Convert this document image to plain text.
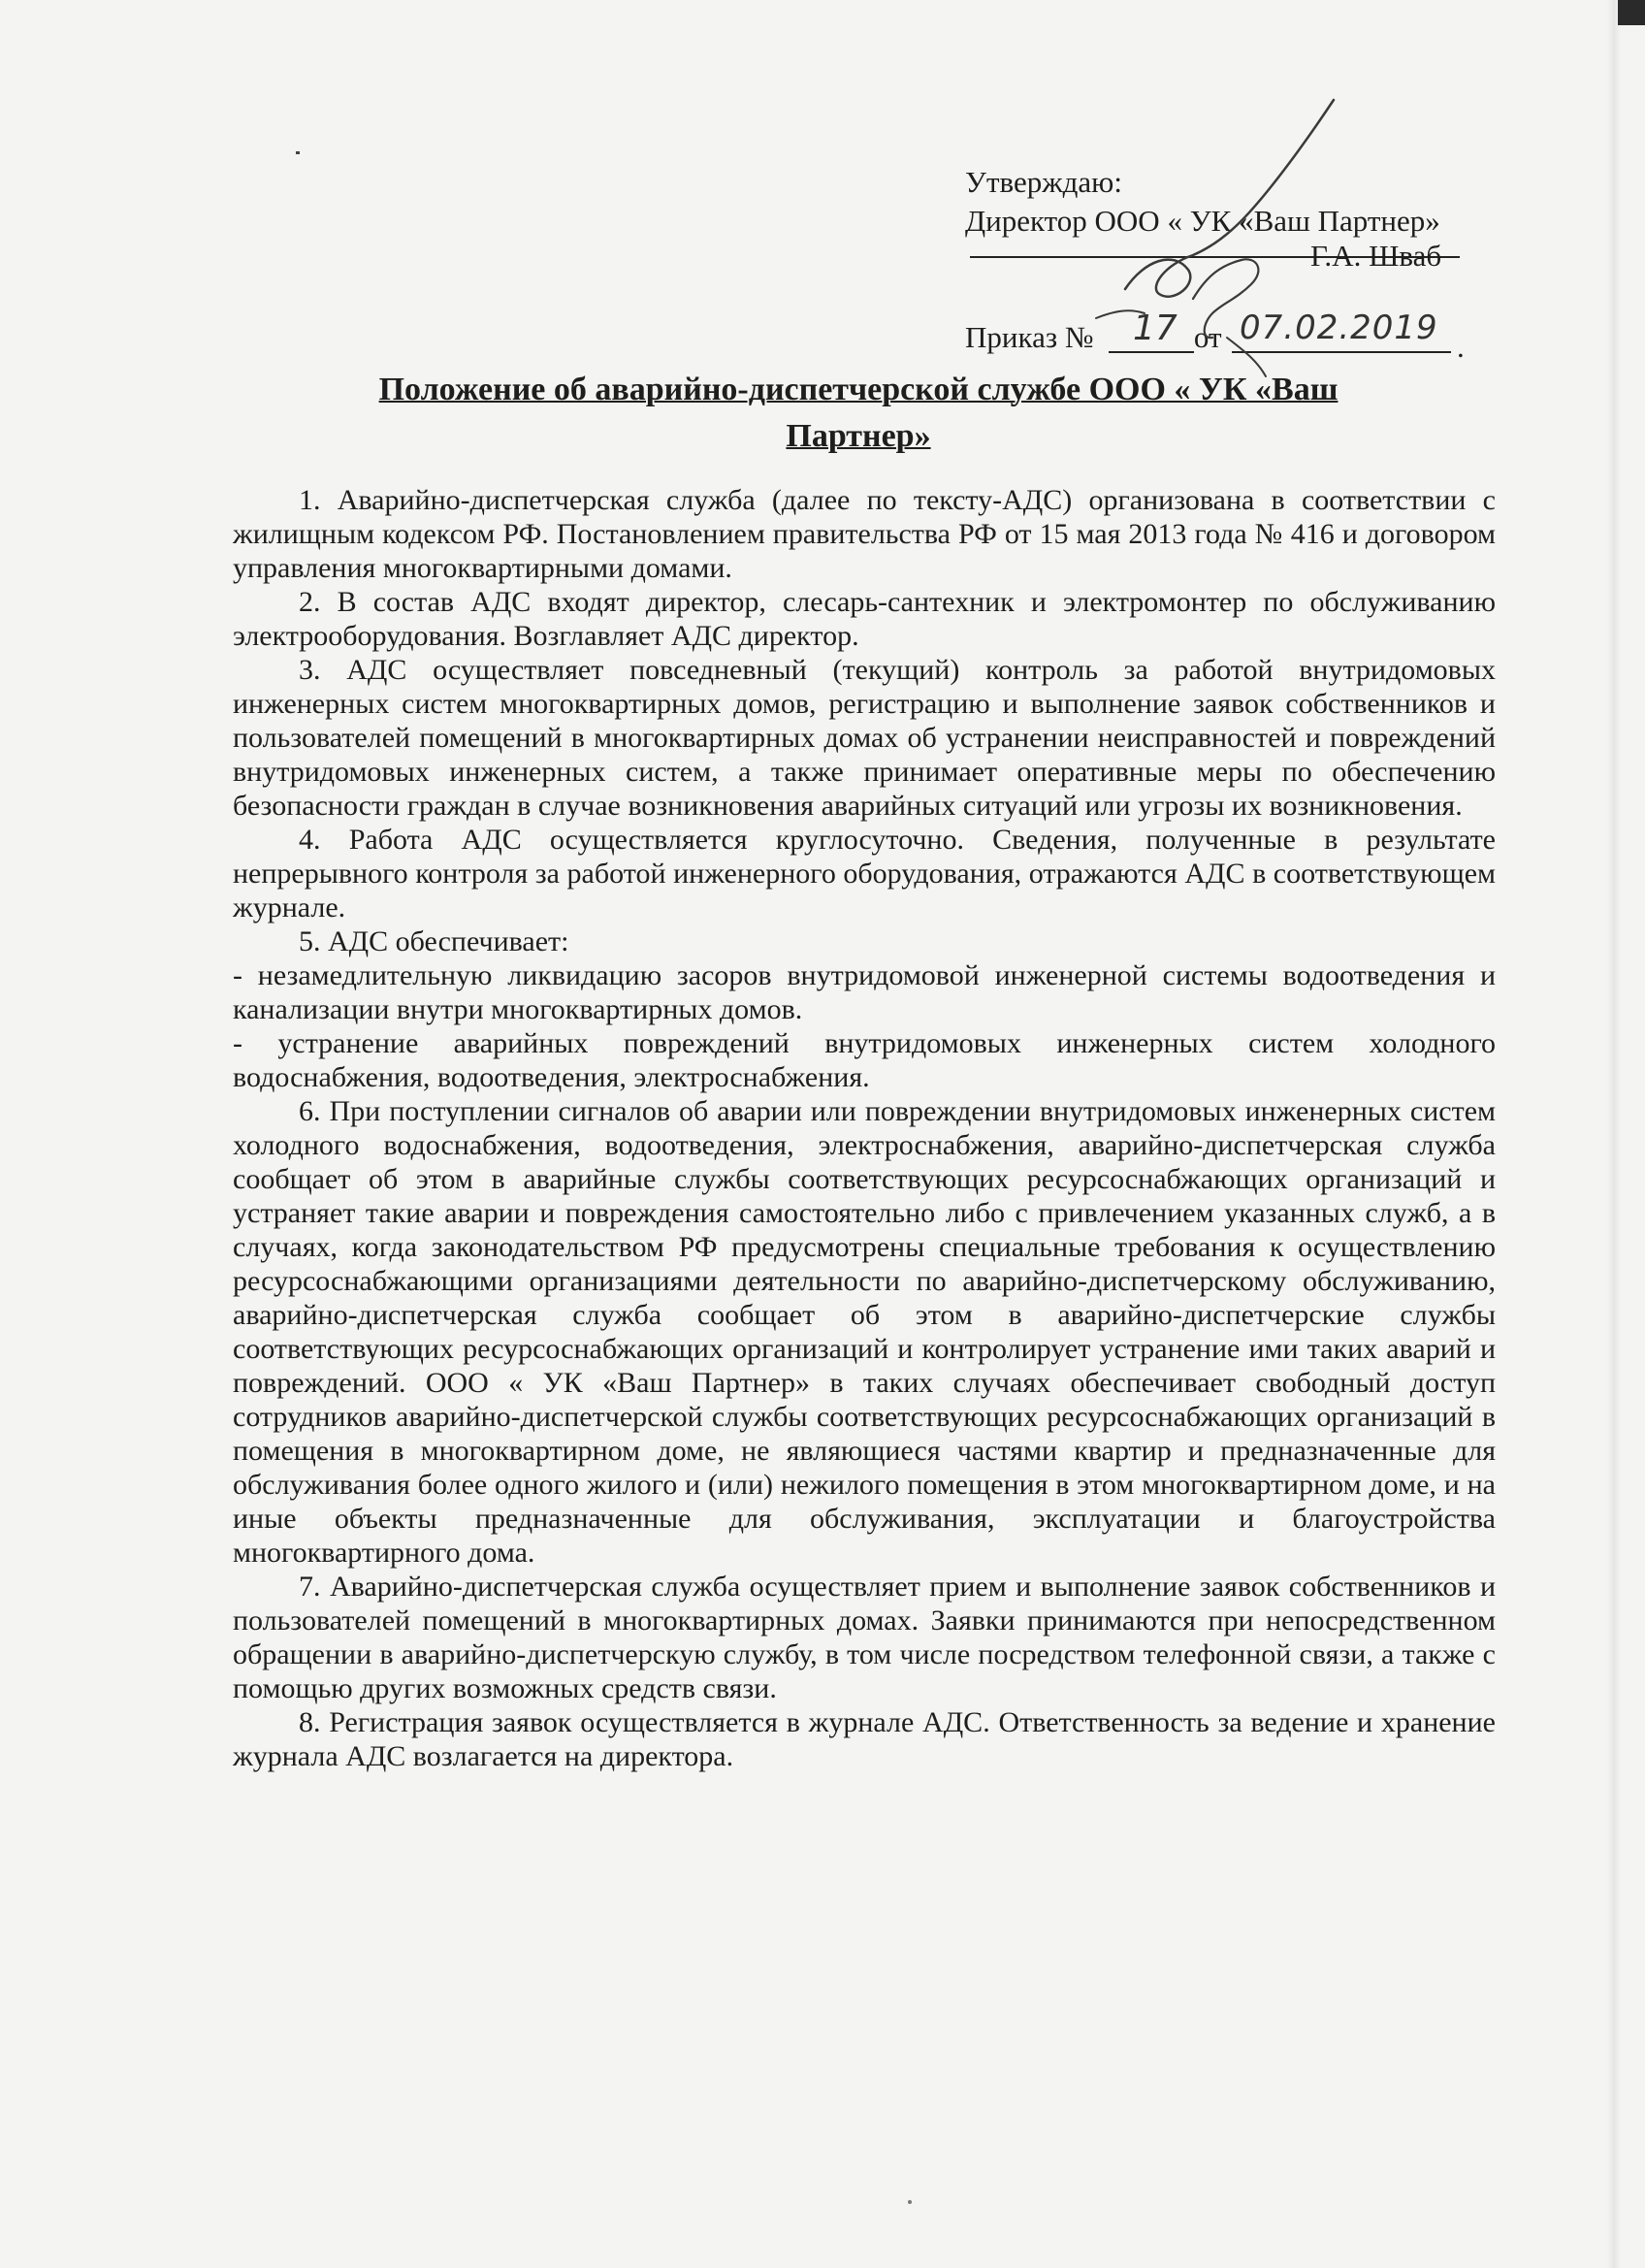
Утверждаю:
Директор ООО « УК «Ваш Партнер»
Г.А. Шваб
Приказ №	от
17 07.02.2019 .
Положение об аварийно-диспетчерской службе ООО « УК «Ваш
Партнер»

1. Аварийно-диспетчерская служба (далее по тексту-АДС) организована в соответствии с жилищным кодексом РФ. Постановлением правительства РФ от 15 мая 2013 года № 416 и договором управления многоквартирными домами.

2. В состав АДС входят директор, слесарь-сантехник и электромонтер по обслуживанию электрооборудования. Возглавляет АДС директор.

3. АДС осуществляет повседневный (текущий) контроль за работой внутридомовых инженерных систем многоквартирных домов, регистрацию и выполнение заявок собственников и пользователей помещений в многоквартирных домах об устранении неисправностей и повреждений внутридомовых инженерных систем, а также принимает оперативные меры по обеспечению безопасности граждан в случае возникновения аварийных ситуаций или угрозы их возникновения.

4. Работа АДС осуществляется круглосуточно. Сведения, полученные в результате непрерывного контроля за работой инженерного оборудования, отражаются АДС в соответствующем журнале.

5. АДС обеспечивает:

- незамедлительную ликвидацию засоров внутридомовой инженерной системы водоотведения и канализации внутри многоквартирных домов.

- устранение аварийных повреждений внутридомовых инженерных систем холодного водоснабжения, водоотведения, электроснабжения.

6. При поступлении сигналов об аварии или повреждении внутридомовых инженерных систем холодного водоснабжения, водоотведения, электроснабжения, аварийно-диспетчерская служба сообщает об этом в аварийные службы соответствующих ресурсоснабжающих организаций и устраняет такие аварии и повреждения самостоятельно либо с привлечением указанных служб, а в случаях, когда законодательством РФ предусмотрены специальные требования к осуществлению ресурсоснабжающими организациями деятельности по аварийно-диспетчерскому обслуживанию, аварийно-диспетчерская служба сообщает об этом в аварийно-диспетчерские службы соответствующих ресурсоснабжающих организаций и контролирует устранение ими таких аварий и повреждений. ООО « УК «Ваш Партнер» в таких случаях обеспечивает свободный доступ сотрудников аварийно-диспетчерской службы соответствующих ресурсоснабжающих организаций в помещения в многоквартирном доме, не являющиеся частями квартир и предназначенные для обслуживания более одного жилого и (или) нежилого помещения в этом многоквартирном доме, и на иные объекты предназначенные для обслуживания, эксплуатации и благоустройства многоквартирного дома.

7. Аварийно-диспетчерская служба осуществляет прием и выполнение заявок собственников и пользователей помещений в многоквартирных домах. Заявки принимаются при непосредственном обращении в аварийно-диспетчерскую службу, в том числе посредством телефонной связи, а также с помощью других возможных средств связи.

8. Регистрация заявок осуществляется в журнале АДС. Ответственность за ведение и хранение журнала АДС возлагается на директора.
